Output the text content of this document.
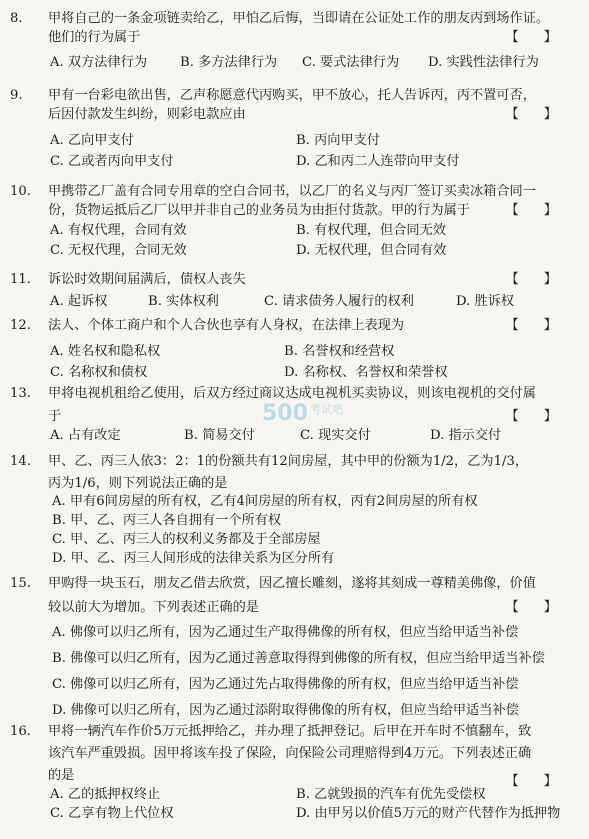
8. 甲将自己的一条金项链卖给乙，甲怕乙后悔，当即请在公证处工作的朋友丙到场作证。
他们的行为属于	【      】
A. 双方法律行为 B. 多方法律行为 C. 要式法律行为 D. 实践性法律行为
9. 甲有一台彩电欲出售，乙声称愿意代丙购买，甲不放心，托人告诉丙，丙不置可否，
后因付款发生纠纷，则彩电款应由	【      】
A. 乙向甲支付	B. 丙向甲支付
C. 乙或者丙向甲支付	D. 乙和丙二人连带向甲支付
10. 甲携带乙厂盖有合同专用章的空白合同书，以乙厂的名义与丙厂签订买卖冰箱合同一
份，货物运抵后乙厂以甲并非自己的业务员为由拒付货款。甲的行为属于	【      】
A. 有权代理，合同有效	B. 有权代理，但合同无效
C. 无权代理，合同无效	D. 无权代理，但合同有效
11. 诉讼时效期间届满后，债权人丧失	【      】
A. 起诉权	B. 实体权利	C. 请求债务人履行的权利	D. 胜诉权
12. 法人、个体工商户和个人合伙也享有人身权，在法律上表现为	【      】
A. 姓名权和隐私权	B. 名誉权和经营权
C. 名称权和债权	D. 名称权、名誉权和荣誉权
13. 甲将电视机租给乙使用，后双方经过商议达成电视机买卖协议，则该电视机的交付属
于	【      】
A. 占有改定	B. 简易交付	C. 现实交付	D. 指示交付
500 考试吧
14. 甲、乙、丙三人依3：2：1的份额共有12间房屋，其中甲的份额为1/2，乙为1/3，
丙为1/6，则下列说法正确的是
A. 甲有6间房屋的所有权，乙有4间房屋的所有权，丙有2间房屋的所有权
B. 甲、乙、丙三人各自拥有一个所有权
C. 甲、乙、丙三人的权利义务都及于全部房屋
D. 甲、乙、丙三人间形成的法律关系为区分所有
15. 甲购得一块玉石，朋友乙借去欣赏，因乙擅长雕刻，遂将其刻成一尊精美佛像，价值
较以前大为增加。下列表述正确的是	【      】
A. 佛像可以归乙所有，因为乙通过生产取得佛像的所有权，但应当给甲适当补偿
B. 佛像可以归乙所有，因为乙通过善意取得得到佛像的所有权，但应当给甲适当补偿
C. 佛像可以归乙所有，因为乙通过先占取得佛像的所有权，但应当给甲适当补偿
D. 佛像可以归乙所有，因为乙通过添附取得佛像的所有权，但应当给甲适当补偿
16. 甲将一辆汽车作价5万元抵押给乙，并办理了抵押登记。后甲在开车时不慎翻车，致
该汽车严重毁损。因甲将该车投了保险，向保险公司理赔得到4万元。下列表述正确
的是	【      】
A. 乙的抵押权终止	B. 乙就毁损的汽车有优先受偿权
C. 乙享有物上代位权	D. 由甲另以价值5万元的财产代替作为抵押物
